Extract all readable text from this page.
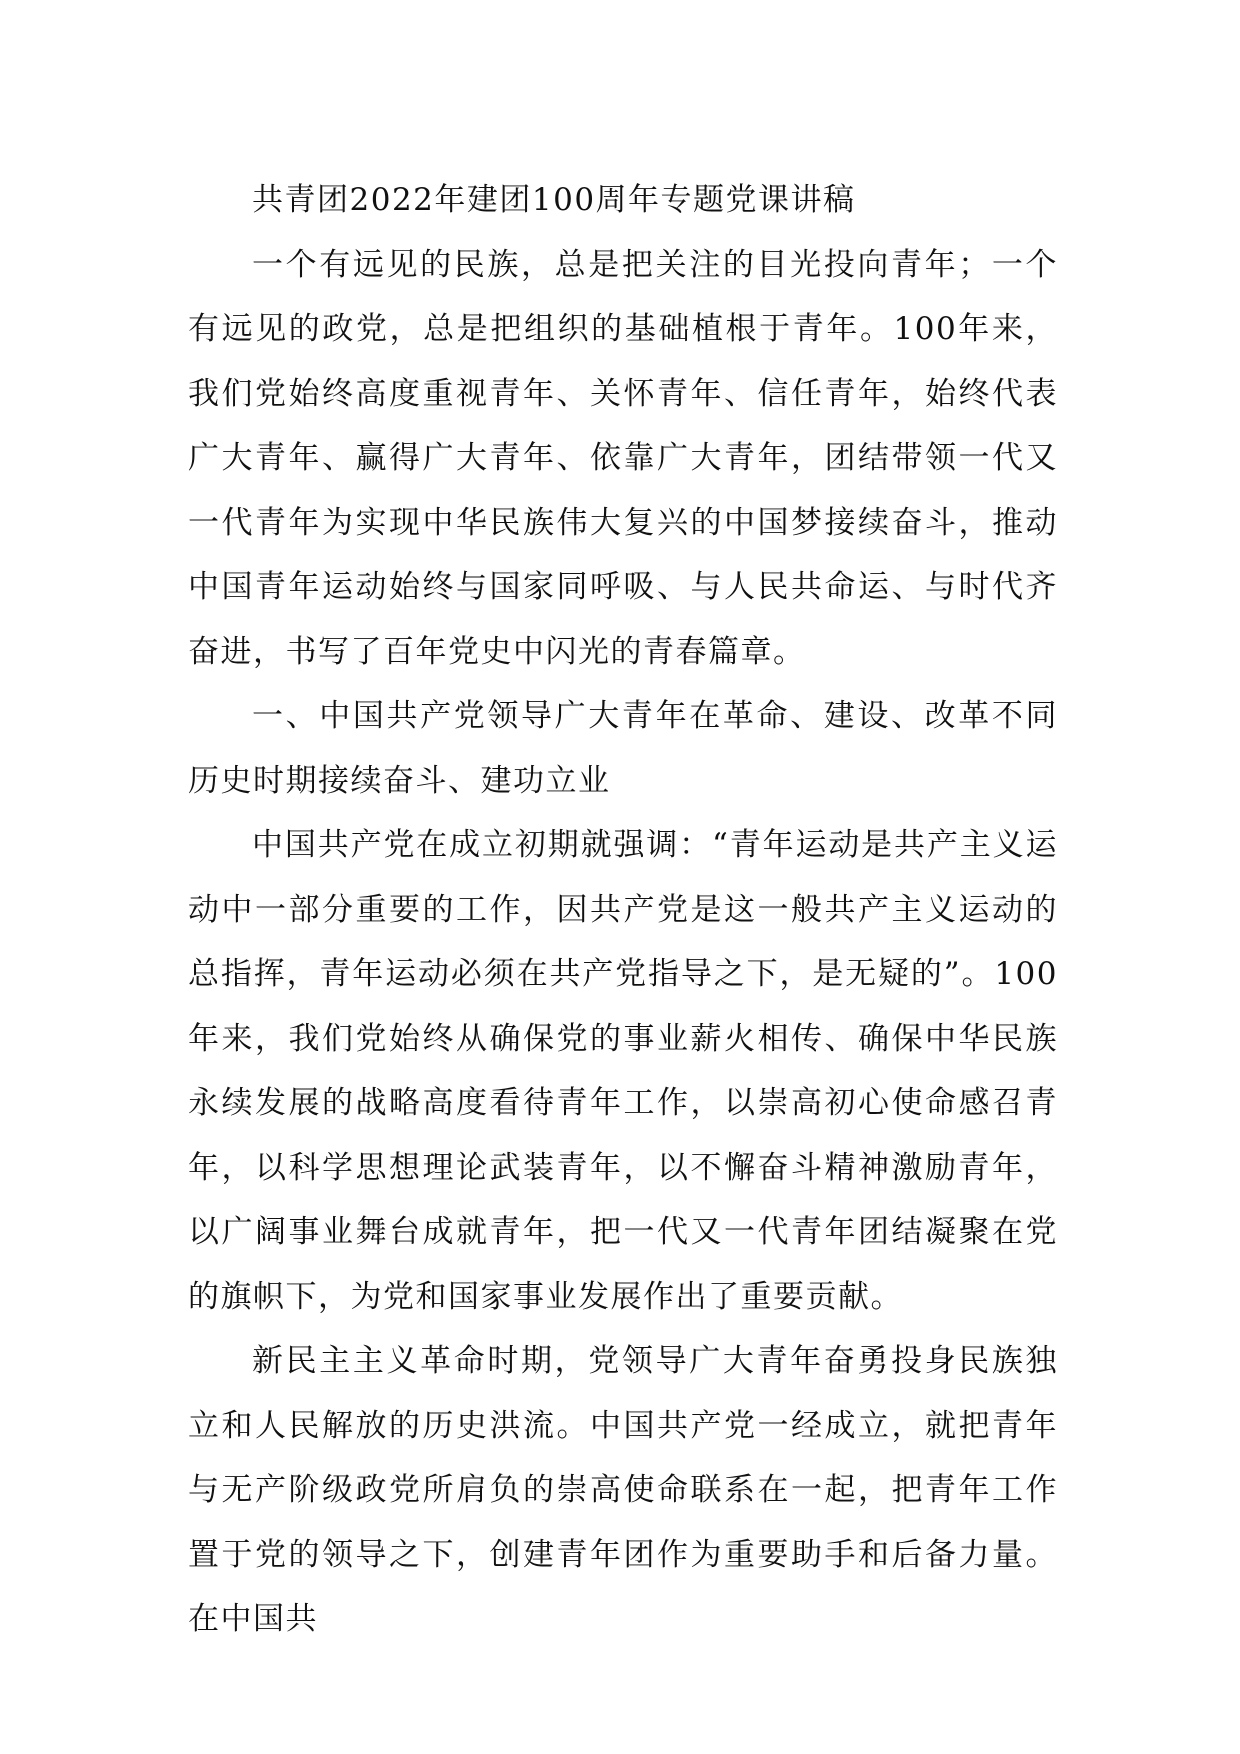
共青团2022年建团100周年专题党课讲稿

一个有远见的民族，总是把关注的目光投向青年；一个有远见的政党，总是把组织的基础植根于青年。100年来，我们党始终高度重视青年、关怀青年、信任青年，始终代表广大青年、赢得广大青年、依靠广大青年，团结带领一代又一代青年为实现中华民族伟大复兴的中国梦接续奋斗，推动中国青年运动始终与国家同呼吸、与人民共命运、与时代齐奋进，书写了百年党史中闪光的青春篇章。

一、中国共产党领导广大青年在革命、建设、改革不同历史时期接续奋斗、建功立业

中国共产党在成立初期就强调：“青年运动是共产主义运动中一部分重要的工作，因共产党是这一般共产主义运动的总指挥，青年运动必须在共产党指导之下，是无疑的”。100年来，我们党始终从确保党的事业薪火相传、确保中华民族永续发展的战略高度看待青年工作，以崇高初心使命感召青年，以科学思想理论武装青年，以不懈奋斗精神激励青年，以广阔事业舞台成就青年，把一代又一代青年团结凝聚在党的旗帜下，为党和国家事业发展作出了重要贡献。

新民主主义革命时期，党领导广大青年奋勇投身民族独立和人民解放的历史洪流。中国共产党一经成立，就把青年与无产阶级政党所肩负的崇高使命联系在一起，把青年工作置于党的领导之下，创建青年团作为重要助手和后备力量。在中国共
